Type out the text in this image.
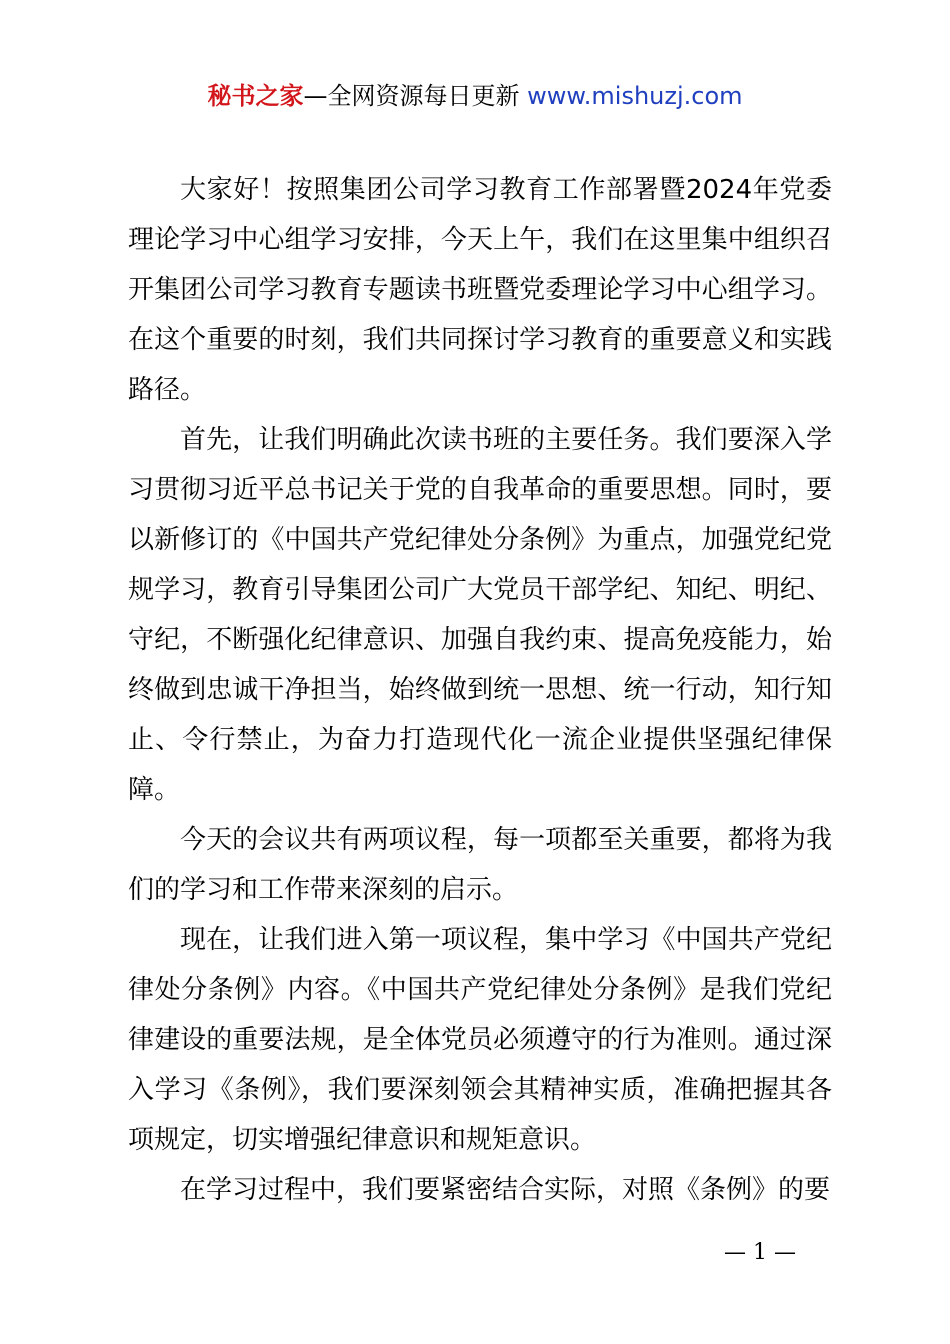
秘书之家—全网资源每日更新 www.mishuzj.com

大家好！按照集团公司学习教育工作部署暨2024年党委理论学习中心组学习安排，今天上午，我们在这里集中组织召开集团公司学习教育专题读书班暨党委理论学习中心组学习。在这个重要的时刻，我们共同探讨学习教育的重要意义和实践路径。

首先，让我们明确此次读书班的主要任务。我们要深入学习贯彻习近平总书记关于党的自我革命的重要思想。同时，要以新修订的《中国共产党纪律处分条例》为重点，加强党纪党规学习，教育引导集团公司广大党员干部学纪、知纪、明纪、守纪，不断强化纪律意识、加强自我约束、提高免疫能力，始终做到忠诚干净担当，始终做到统一思想、统一行动，知行知止、令行禁止，为奋力打造现代化一流企业提供坚强纪律保障。

今天的会议共有两项议程，每一项都至关重要，都将为我们的学习和工作带来深刻的启示。

现在，让我们进入第一项议程，集中学习《中国共产党纪律处分条例》内容。《中国共产党纪律处分条例》是我们党纪律建设的重要法规，是全体党员必须遵守的行为准则。通过深入学习《条例》，我们要深刻领会其精神实质，准确把握其各项规定，切实增强纪律意识和规矩意识。

在学习过程中，我们要紧密结合实际，对照《条例》的要

— 1 —
